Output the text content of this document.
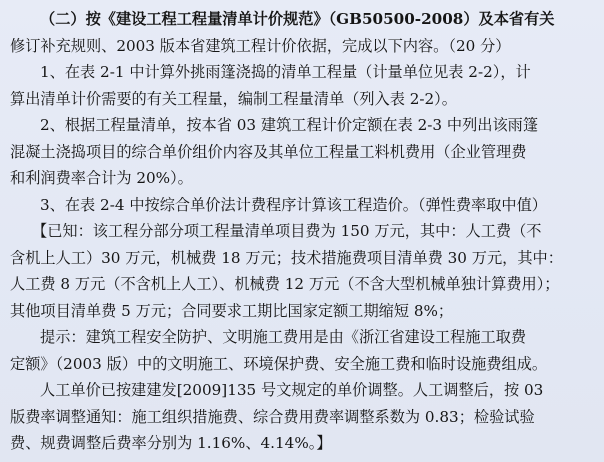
（二）按《建设工程工程量清单计价规范》（GB50500-2008）及本省有关
修订补充规则、2003 版本省建筑工程计价依据，完成以下内容。（20 分）
1、在表 2-1 中计算外挑雨篷浇捣的清单工程量（计量单位见表 2-2），计
算出清单计价需要的有关工程量，编制工程量清单（列入表 2-2）。
2、根据工程量清单，按本省 03 建筑工程计价定额在表 2-3 中列出该雨篷
混凝土浇捣项目的综合单价组价内容及其单位工程量工料机费用（企业管理费
和利润费率合计为 20%）。
3、在表 2-4 中按综合单价法计费程序计算该工程造价。（弹性费率取中值）
【已知：该工程分部分项工程量清单项目费为 150 万元，其中：人工费（不
含机上人工）30 万元，机械费 18 万元；技术措施费项目清单费 30 万元，其中：
人工费 8 万元（不含机上人工）、机械费 12 万元（不含大型机械单独计算费用）；
其他项目清单费 5 万元；合同要求工期比国家定额工期缩短 8%；
提示：建筑工程安全防护、文明施工费用是由《浙江省建设工程施工取费
定额》（2003 版）中的文明施工、环境保护费、安全施工费和临时设施费组成。
人工单价已按建建发[2009]135 号文规定的单价调整。人工调整后，按 03
版费率调整通知：施工组织措施费、综合费用费率调整系数为 0.83；检验试验
费、规费调整后费率分别为 1.16%、4.14%。】
